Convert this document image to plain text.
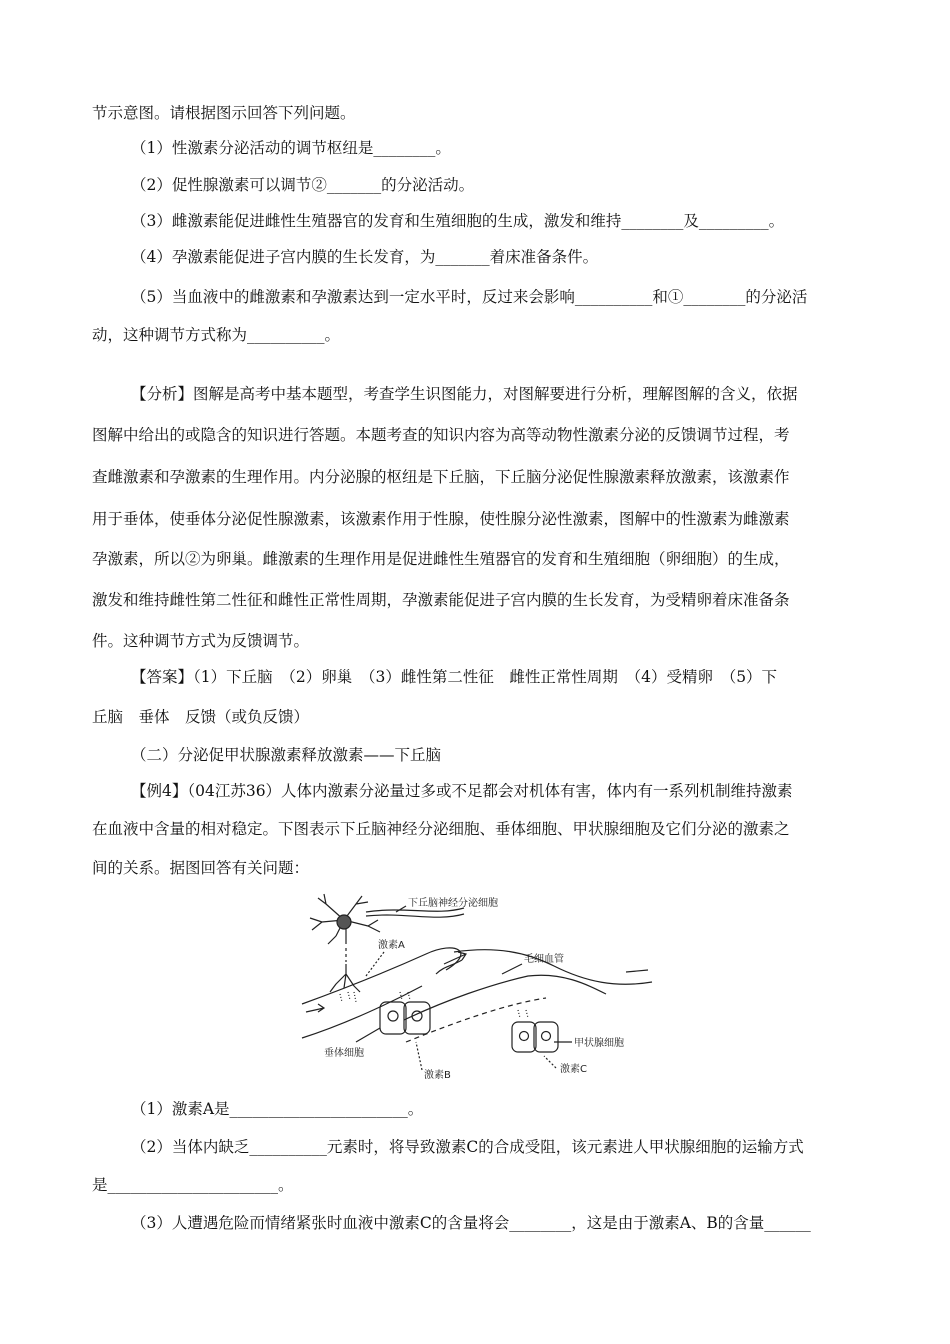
节示意图。请根据图示回答下列问题。
（1）性激素分泌活动的调节枢纽是________。
（2）促性腺激素可以调节②_______的分泌活动。
（3）雌激素能促进雌性生殖器官的发育和生殖细胞的生成，激发和维持________及_________。
（4）孕激素能促进子宫内膜的生长发育，为_______着床准备条件。
（5）当血液中的雌激素和孕激素达到一定水平时，反过来会影响__________和①________的分泌活
动，这种调节方式称为__________。
【分析】图解是高考中基本题型，考查学生识图能力，对图解要进行分析，理解图解的含义，依据
图解中给出的或隐含的知识进行答题。本题考查的知识内容为高等动物性激素分泌的反馈调节过程，考
查雌激素和孕激素的生理作用。内分泌腺的枢纽是下丘脑，下丘脑分泌促性腺激素释放激素，该激素作
用于垂体，使垂体分泌促性腺激素，该激素作用于性腺，使性腺分泌性激素，图解中的性激素为雌激素
孕激素，所以②为卵巢。雌激素的生理作用是促进雌性生殖器官的发育和生殖细胞（卵细胞）的生成，
激发和维持雌性第二性征和雌性正常性周期，孕激素能促进子宫内膜的生长发育，为受精卵着床准备条
件。这种调节方式为反馈调节。
【答案】（1）下丘脑　（2）卵巢　（3）雌性第二性征　雌性正常性周期　（4）受精卵　（5）下
丘脑　垂体　反馈（或负反馈）
（二）分泌促甲状腺激素释放激素——下丘脑
【例4】（04江苏36）人体内激素分泌量过多或不足都会对机体有害，体内有一系列机制维持激素
在血液中含量的相对稳定。下图表示下丘脑神经分泌细胞、垂体细胞、甲状腺细胞及它们分泌的激素之
间的关系。据图回答有关问题：
下丘脑神经分泌细胞
激素A
毛细血管
甲状腺细胞
垂体细胞
激素B
激素C
（1）激素A是_______________________。
（2）当体内缺乏__________元素时，将导致激素C的合成受阻，该元素进人甲状腺细胞的运输方式
是______________________。
（3）人遭遇危险而情绪紧张时血液中激素C的含量将会________，这是由于激素A、B的含量______
